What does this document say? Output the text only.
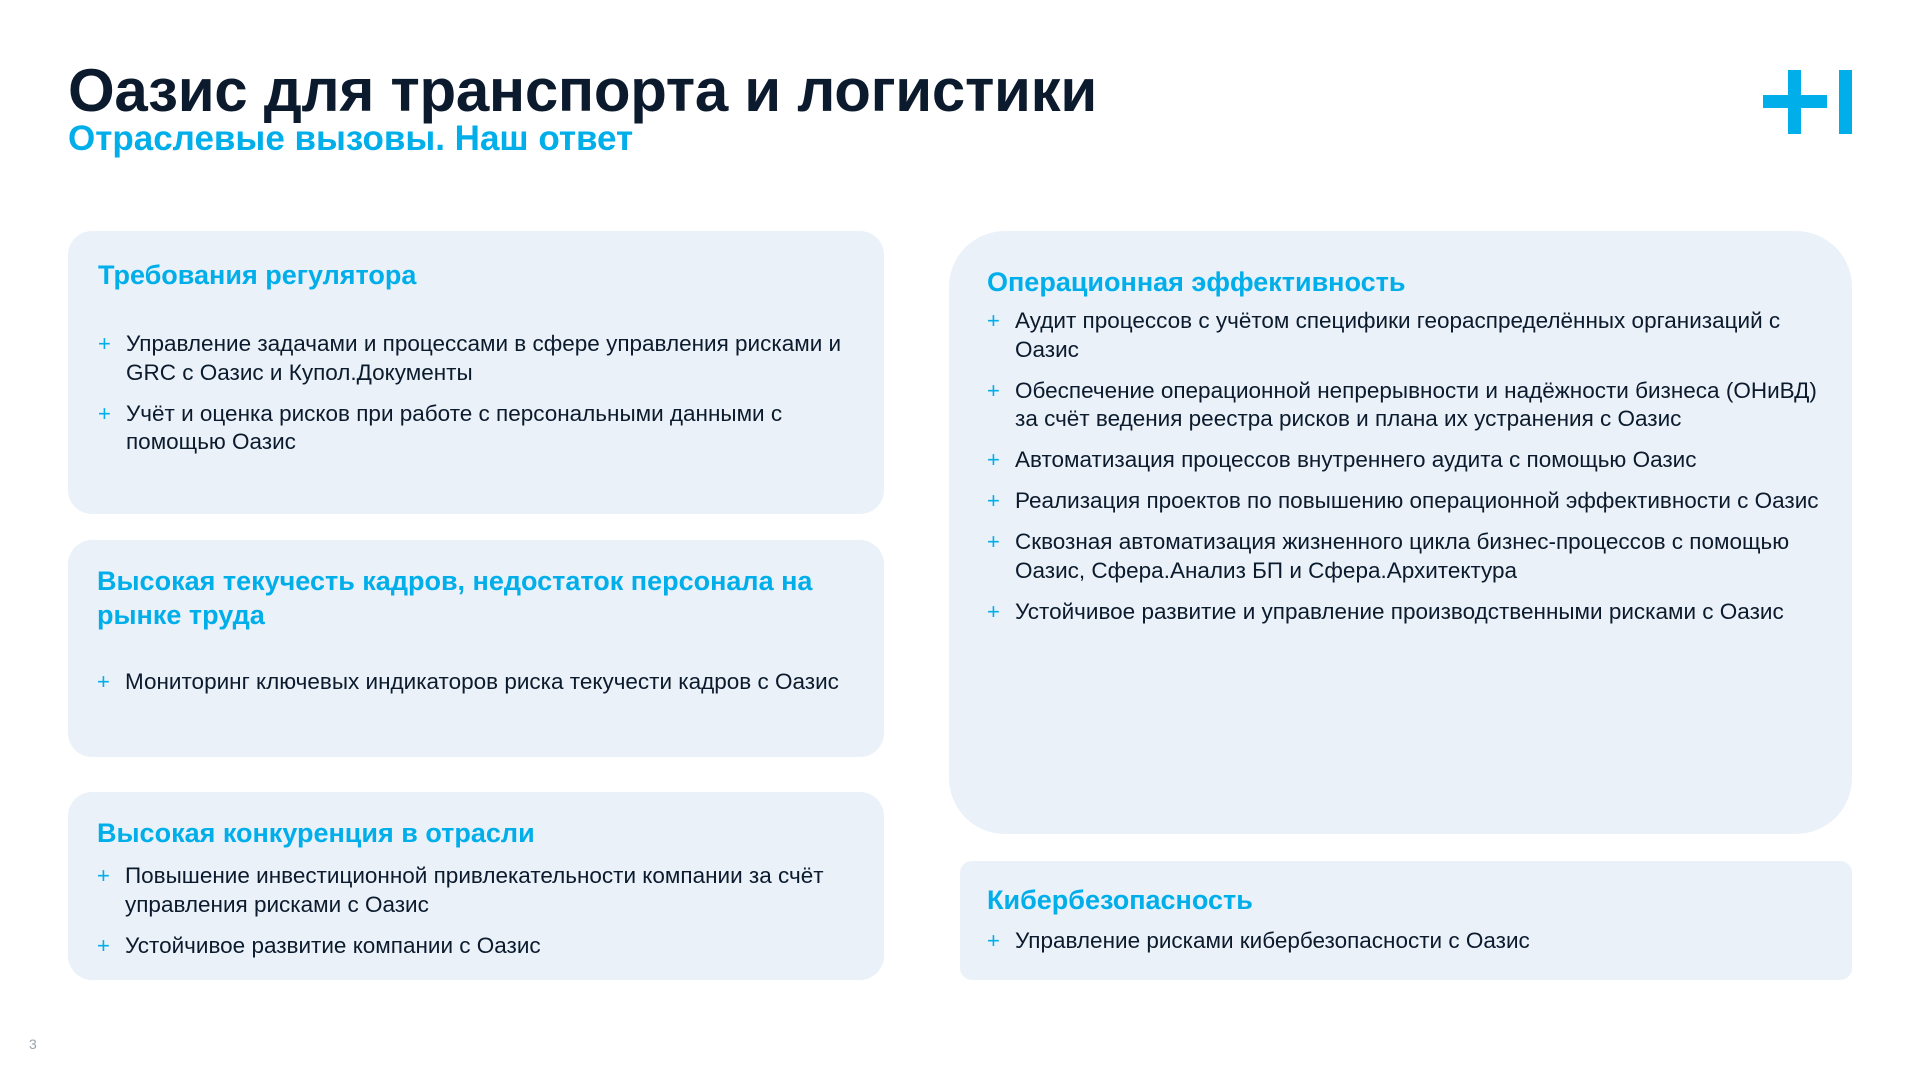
Оазис для транспорта и логистики
Отраслевые вызовы. Наш ответ
Требования регулятора
+ Управление задачами и процессами в сфере управления рисками и GRC с Оазис и Купол.Документы
+ Учёт и оценка рисков при работе с персональными данными с помощью Оазис
Высокая текучесть кадров, недостаток персонала на рынке труда
+ Мониторинг ключевых индикаторов риска текучести кадров с Оазис
Высокая конкуренция в отрасли
+ Повышение инвестиционной привлекательности компании за счёт управления рисками с Оазис
+ Устойчивое развитие компании с Оазис
Операционная эффективность
+ Аудит процессов с учётом специфики георaспределённых организаций с Оазис
+ Обеспечение операционной непрерывности и надёжности бизнеса (ОНиВД) за счёт ведения реестра рисков и плана их устранения с Оазис
+ Автоматизация процессов внутреннего аудита с помощью Оазис
+ Реализация проектов по повышению операционной эффективности с Оазис
+ Сквозная автоматизация жизненного цикла бизнес-процессов с помощью Оазис, Сфера.Анализ БП и Сфера.Архитектура
+ Устойчивое развитие и управление производственными рисками с Оазис
Кибербезопасность
+ Управление рисками кибербезопасности с Оазис
3
